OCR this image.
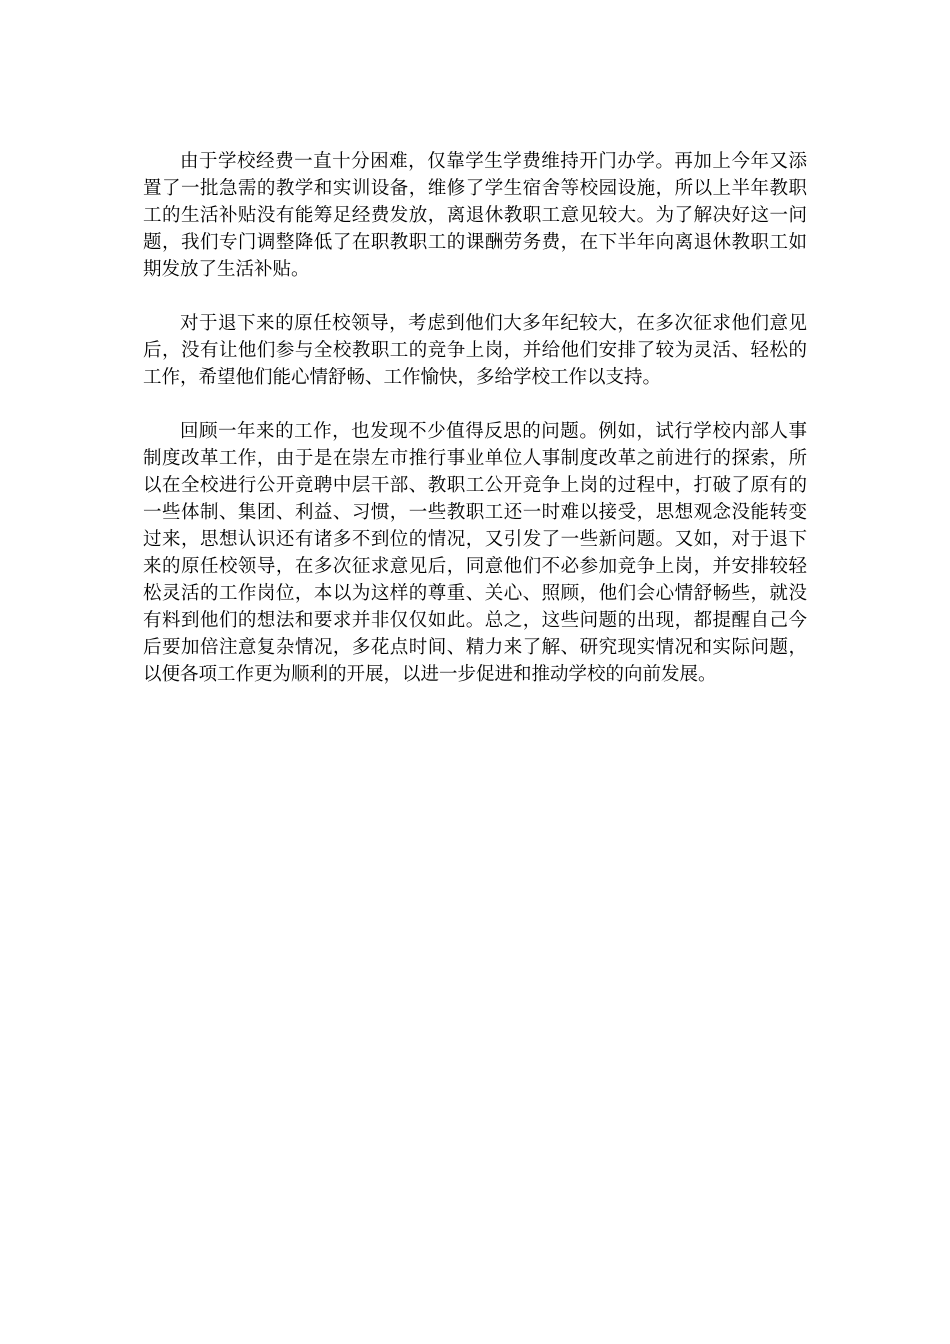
由于学校经费一直十分困难，仅靠学生学费维持开门办学。再加上今年又添置了一批急需的教学和实训设备，维修了学生宿舍等校园设施，所以上半年教职工的生活补贴没有能筹足经费发放，离退休教职工意见较大。为了解决好这一问题，我们专门调整降低了在职教职工的课酬劳务费，在下半年向离退休教职工如期发放了生活补贴。

对于退下来的原任校领导，考虑到他们大多年纪较大，在多次征求他们意见后，没有让他们参与全校教职工的竞争上岗，并给他们安排了较为灵活、轻松的工作，希望他们能心情舒畅、工作愉快，多给学校工作以支持。

回顾一年来的工作，也发现不少值得反思的问题。例如，试行学校内部人事制度改革工作，由于是在崇左市推行事业单位人事制度改革之前进行的探索，所以在全校进行公开竟聘中层干部、教职工公开竞争上岗的过程中，打破了原有的一些体制、集团、利益、习惯，一些教职工还一时难以接受，思想观念没能转变过来，思想认识还有诸多不到位的情况，又引发了一些新问题。又如，对于退下来的原任校领导，在多次征求意见后，同意他们不必参加竞争上岗，并安排较轻松灵活的工作岗位，本以为这样的尊重、关心、照顾，他们会心情舒畅些，就没有料到他们的想法和要求并非仅仅如此。总之，这些问题的出现，都提醒自己今后要加倍注意复杂情况，多花点时间、精力来了解、研究现实情况和实际问题，以便各项工作更为顺利的开展，以进一步促进和推动学校的向前发展。
